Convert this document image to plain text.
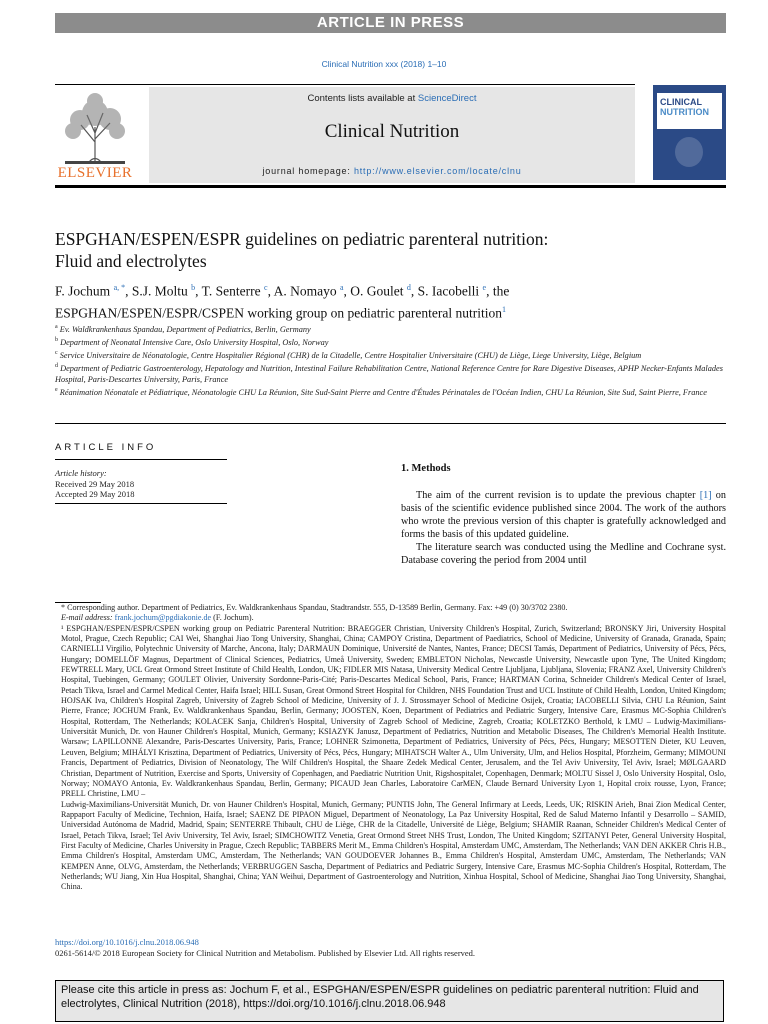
ARTICLE IN PRESS
Clinical Nutrition xxx (2018) 1–10
ELSEVIER
Contents lists available at ScienceDirect
Clinical Nutrition
journal homepage: http://www.elsevier.com/locate/clnu
CLINICAL
NUTRITION
ESPGHAN/ESPEN/ESPR guidelines on pediatric parenteral nutrition:
Fluid and electrolytes
F. Jochum $^{a, *}$, S.J. Moltu $^b$, T. Senterre $^c$, A. Nomayo $^a$, O. Goulet $^d$, S. Iacobelli $^e$, the
ESPGHAN/ESPEN/ESPR/CSPEN working group on pediatric parenteral nutrition$^1$

$^a$ Ev. Waldkrankenhaus Spandau, Department of Pediatrics, Berlin, Germany

$^b$ Department of Neonatal Intensive Care, Oslo University Hospital, Oslo, Norway

$^c$ Service Universitaire de Néonatologie, Centre Hospitalier Régional (CHR) de la Citadelle, Centre Hospitalier Universitaire (CHU) de Liège, Liege University, Liège, Belgium

$^d$ Department of Pediatric Gastroenterology, Hepatology and Nutrition, Intestinal Failure Rehabilitation Centre, National Reference Centre for Rare Digestive Diseases, APHP Necker-Enfants Malades Hospital, Paris-Descartes University, Paris, France

$^e$ Réanimation Néonatale et Pédiatrique, Néonatologie CHU La Réunion, Site Sud-Saint Pierre and Centre d'Études Périnatales de l'Océan Indien, CHU La Réunion, Site Sud, Saint Pierre, France

ARTICLE INFO
Article history:
Received 29 May 2018
Accepted 29 May 2018
1. Methods

The aim of the current revision is to update the previous chapter [1] on basis of the scientific evidence published since 2004. The work of the authors who wrote the previous version of this chapter is gratefully acknowledged and forms the basis of this updated guideline.

The literature search was conducted using the Medline and Cochrane syst. Database covering the period from 2004 until

* Corresponding author. Department of Pediatrics, Ev. Waldkrankenhaus Spandau, Stadtrandstr. 555, D-13589 Berlin, Germany. Fax: +49 (0) 30/3702 2380.

E-mail address: frank.jochum@pgdiakonie.de (F. Jochum).

¹ ESPGHAN/ESPEN/ESPR/CSPEN working group on Pediatric Parenteral Nutrition: BRAEGGER Christian, University Children's Hospital, Zurich, Switzerland; BRONSKY Jiri, University Hospital Motol, Prague, Czech Republic; CAI Wei, Shanghai Jiao Tong University, Shanghai, China; CAMPOY Cristina, Department of Paediatrics, School of Medicine, University of Granada, Granada, Spain; CARNIELLI Virgilio, Polytechnic University of Marche, Ancona, Italy; DARMAUN Dominique, Université de Nantes, Nantes, France; DECSI Tamás, Department of Pediatrics, University of Pécs, Pécs, Hungary; DOMELLÖF Magnus, Department of Clinical Sciences, Pediatrics, Umeå University, Sweden; EMBLETON Nicholas, Newcastle University, Newcastle upon Tyne, The United Kingdom; FEWTRELL Mary, UCL Great Ormond Street Institute of Child Health, London, UK; FIDLER MIS Natasa, University Medical Centre Ljubljana, Ljubljana, Slovenia; FRANZ Axel, University Children's Hospital, Tuebingen, Germany; GOULET Olivier, University Sordonne-Paris-Cité; Paris-Descartes Medical School, Paris, France; HARTMAN Corina, Schneider Children's Medical Center of Israel, Petach Tikva, Israel and Carmel Medical Center, Haifa Israel; HILL Susan, Great Ormond Street Hospital for Children, NHS Foundation Trust and UCL Institute of Child Health, London, United Kingdom; HOJSAK Iva, Children's Hospital Zagreb, University of Zagreb School of Medicine, University of J. J. Strossmayer School of Medicine Osijek, Croatia; IACOBELLI Silvia, CHU La Réunion, Saint Pierre, France; JOCHUM Frank, Ev. Waldkrankenhaus Spandau, Berlin, Germany; JOOSTEN, Koen, Department of Pediatrics and Pediatric Surgery, Intensive Care, Erasmus MC-Sophia Children's Hospital, Rotterdam, The Netherlands; KOLACEK Sanja, Children's Hospital, University of Zagreb School of Medicine, Zagreb, Croatia; KOLETZKO Berthold, k LMU – Ludwig-Maximilians-Universität Munich, Dr. von Hauner Children's Hospital, Munich, Germany; KSIAZYK Janusz, Department of Pediatrics, Nutrition and Metabolic Diseases, The Children's Memorial Health Institute. Warsaw; LAPILLONNE Alexandre, Paris-Descartes University, Paris, France; LOHNER Szimonetta, Department of Pediatrics, University of Pécs, Pécs, Hungary; MESOTTEN Dieter, KU Leuven, Leuven, Belgium; MIHÁLYI Krisztina, Department of Pediatrics, University of Pécs, Pécs, Hungary; MIHATSCH Walter A., Ulm University, Ulm, and Helios Hospital, Pforzheim, Germany; MIMOUNI Francis, Department of Pediatrics, Division of Neonatology, The Wilf Children's Hospital, the Shaare Zedek Medical Center, Jerusalem, and the Tel Aviv University, Tel Aviv, Israel; MØLGAARD Christian, Department of Nutrition, Exercise and Sports, University of Copenhagen, and Paediatric Nutrition Unit, Rigshospitalet, Copenhagen, Denmark; MOLTU Sissel J, Oslo University Hospital, Oslo, Norway; NOMAYO Antonia, Ev. Waldkrankenhaus Spandau, Berlin, Germany; PICAUD Jean Charles, Laboratoire CarMEN, Claude Bernard University Lyon 1, Hopital croix rousse, Lyon, France; PRELL Christine, LMU –

Ludwig-Maximilians-Universität Munich, Dr. von Hauner Children's Hospital, Munich, Germany; PUNTIS John, The General Infirmary at Leeds, Leeds, UK; RISKIN Arieh, Bnai Zion Medical Center, Rappaport Faculty of Medicine, Technion, Haifa, Israel; SAENZ DE PIPAON Miguel, Department of Neonatology, La Paz University Hospital, Red de Salud Materno Infantil y Desarrollo – SAMID, Universidad Autónoma de Madrid, Madrid, Spain; SENTERRE Thibault, CHU de Liège, CHR de la Citadelle, Université de Liège, Belgium; SHAMIR Raanan, Schneider Children's Medical Center of Israel, Petach Tikva, Israel; Tel Aviv University, Tel Aviv, Israel; SIMCHOWITZ Venetia, Great Ormond Street NHS Trust, London, The United Kingdom; SZITANYI Peter, General University Hospital, First Faculty of Medicine, Charles University in Prague, Czech Republic; TABBERS Merit M., Emma Children's Hospital, Amsterdam UMC, Amsterdam, The Netherlands; VAN DEN AKKER Chris H.B., Emma Children's Hospital, Amsterdam UMC, Amsterdam, The Netherlands; VAN GOUDOEVER Johannes B., Emma Children's Hospital, Amsterdam UMC, Amsterdam, The Netherlands; VAN KEMPEN Anne, OLVG, Amsterdam, the Netherlands; VERBRUGGEN Sascha, Department of Pediatrics and Pediatric Surgery, Intensive Care, Erasmus MC-Sophia Children's Hospital, Rotterdam, The Netherlands; WU Jiang, Xin Hua Hospital, Shanghai, China; YAN Weihui, Department of Gastroenterology and Nutrition, Xinhua Hospital, School of Medicine, Shanghai Jiao Tong University, Shanghai, China.

https://doi.org/10.1016/j.clnu.2018.06.948
0261-5614/© 2018 European Society for Clinical Nutrition and Metabolism. Published by Elsevier Ltd. All rights reserved.
Please cite this article in press as: Jochum F, et al., ESPGHAN/ESPEN/ESPR guidelines on pediatric parenteral nutrition: Fluid and electrolytes, Clinical Nutrition (2018), https://doi.org/10.1016/j.clnu.2018.06.948
